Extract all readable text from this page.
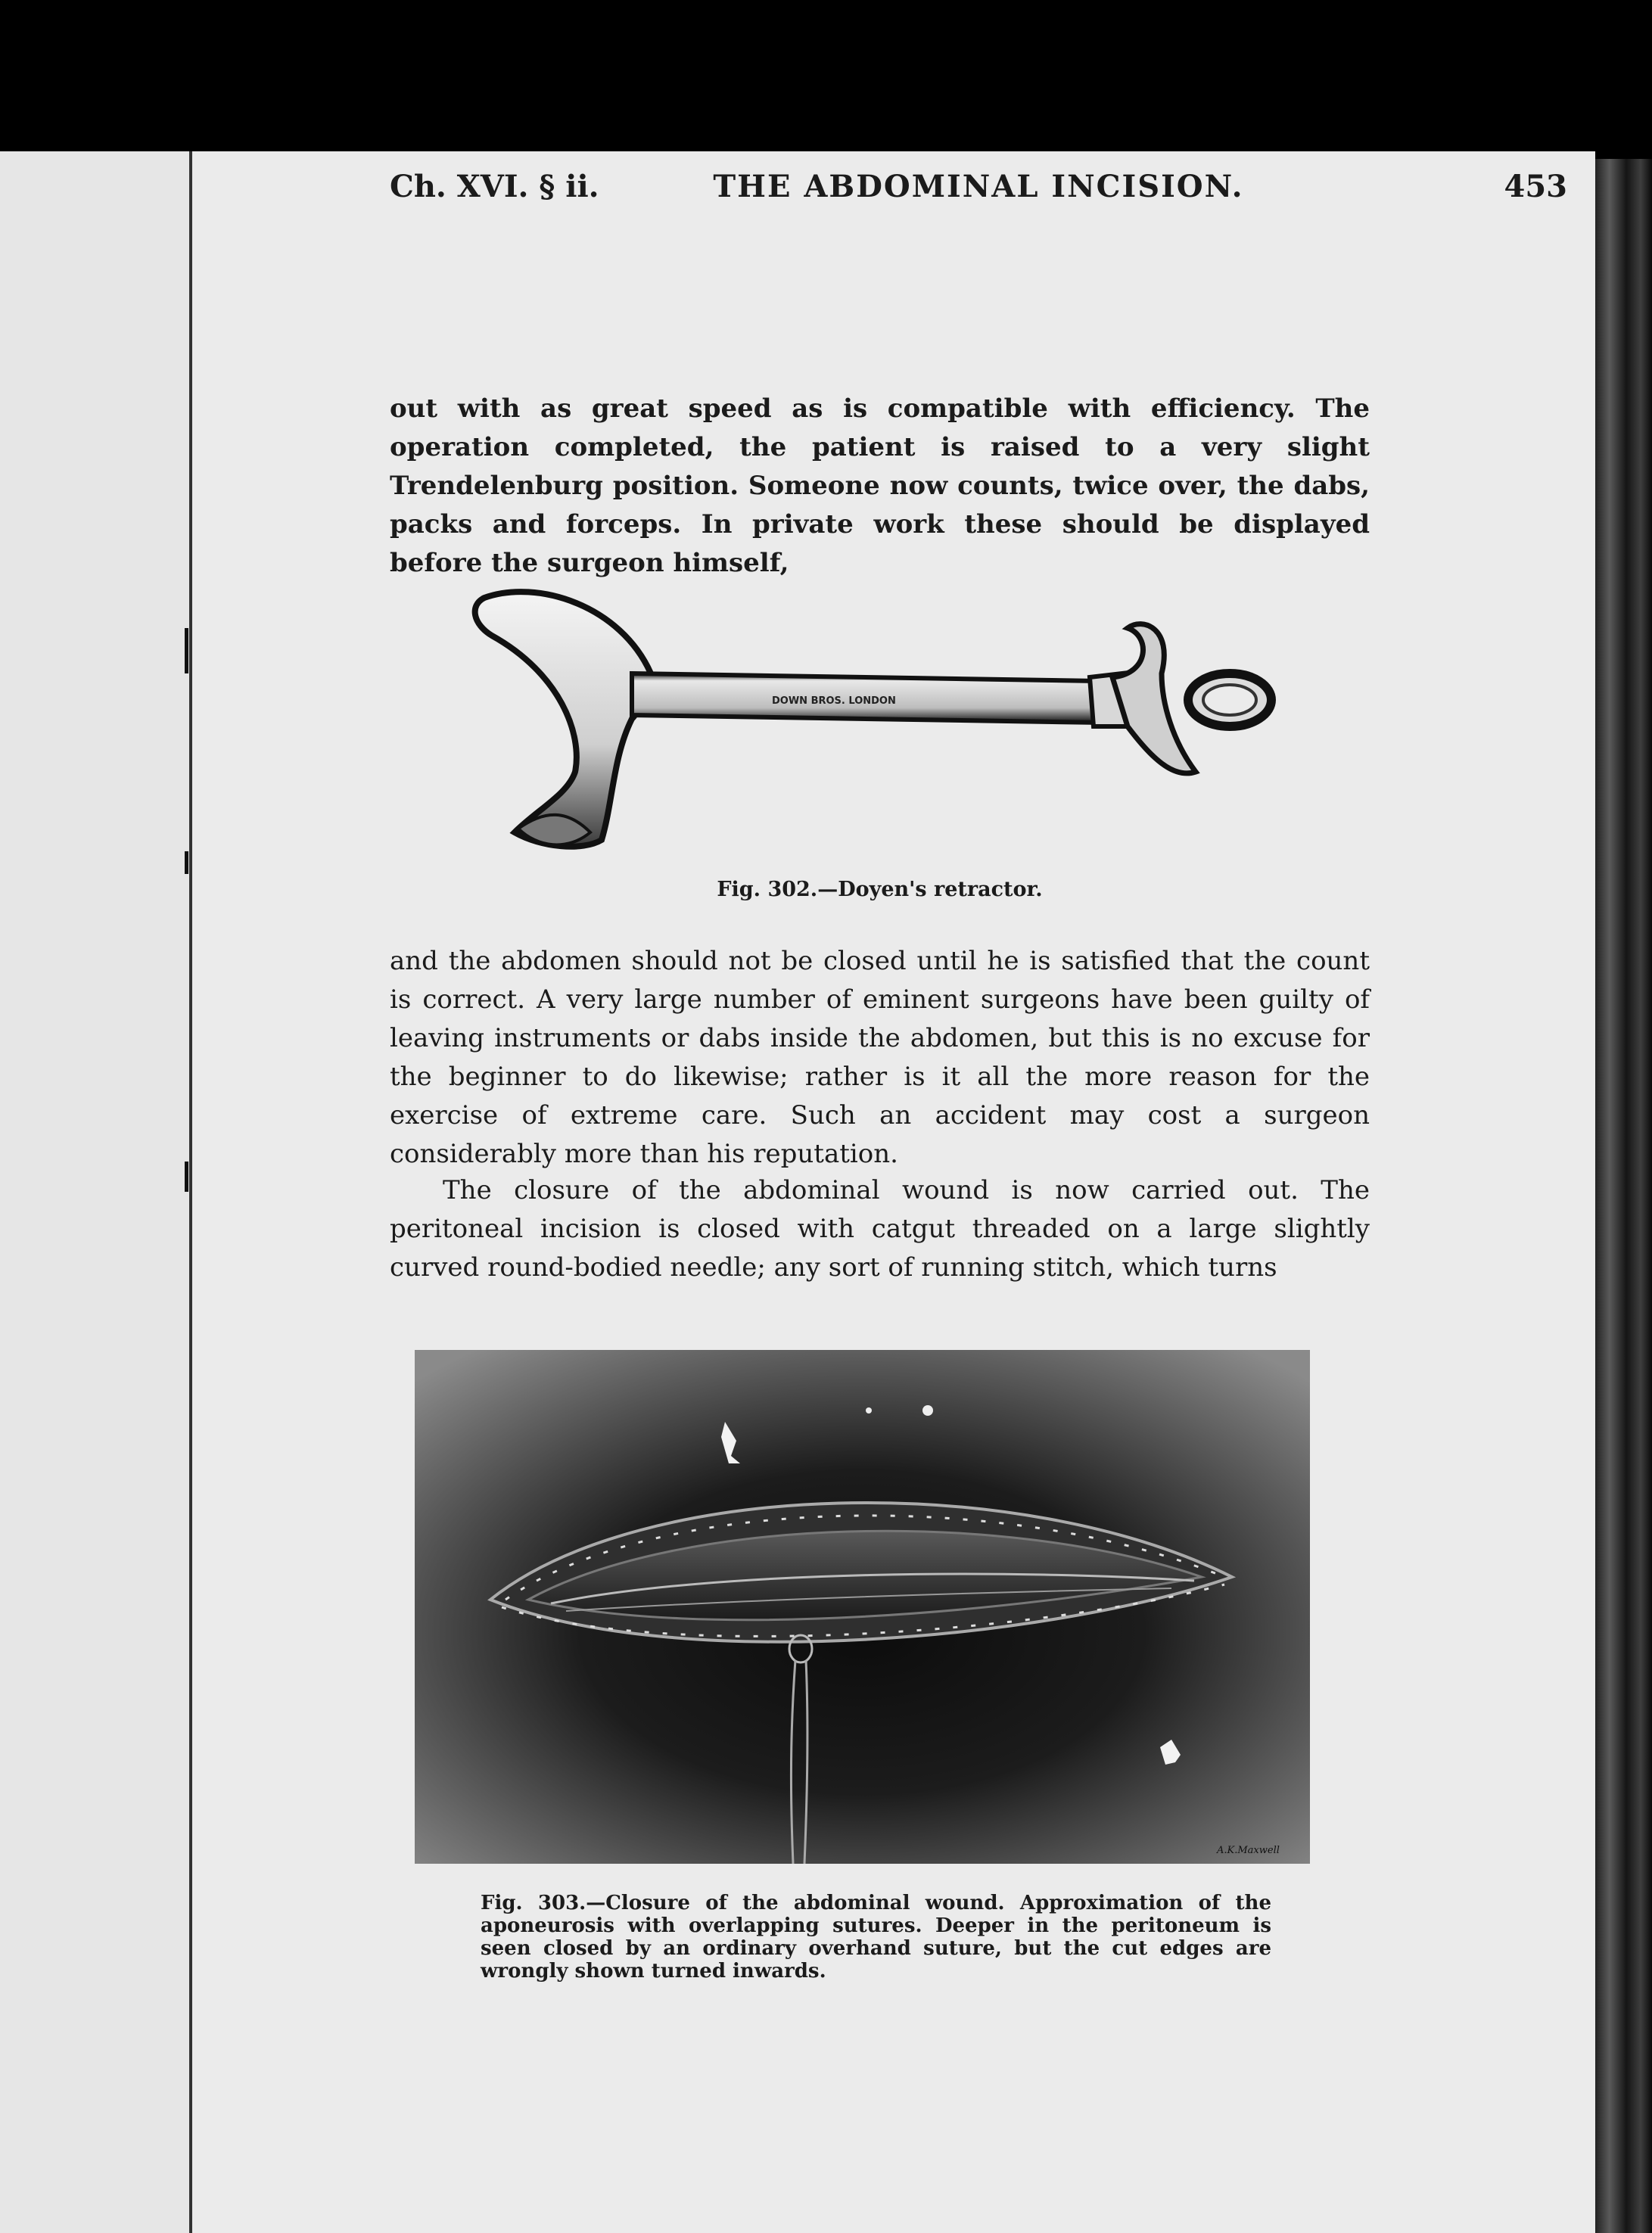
Ch. XVI. § ii.	THE ABDOMINAL INCISION.	453

out with as great speed as is compatible with efficiency. The operation completed, the patient is raised to a very slight Trendelenburg position. Someone now counts, twice over, the dabs, packs and forceps. In private work these should be displayed before the surgeon himself,

DOWN BROS. LONDON
Fig. 302.—Doyen's retractor.

and the abdomen should not be closed until he is satisfied that the count is correct. A very large number of eminent surgeons have been guilty of leaving instruments or dabs inside the abdomen, but this is no excuse for the beginner to do likewise; rather is it all the more reason for the exercise of extreme care. Such an accident may cost a surgeon considerably more than his reputation.

The closure of the abdominal wound is now carried out. The peritoneal incision is closed with catgut threaded on a large slightly curved round-bodied needle; any sort of running stitch, which turns

A.K.Maxwell
Fig. 303.—Closure of the abdominal wound. Approximation of the aponeurosis with overlapping sutures. Deeper in the peritoneum is seen closed by an ordinary overhand suture, but the cut edges are wrongly shown turned inwards.
